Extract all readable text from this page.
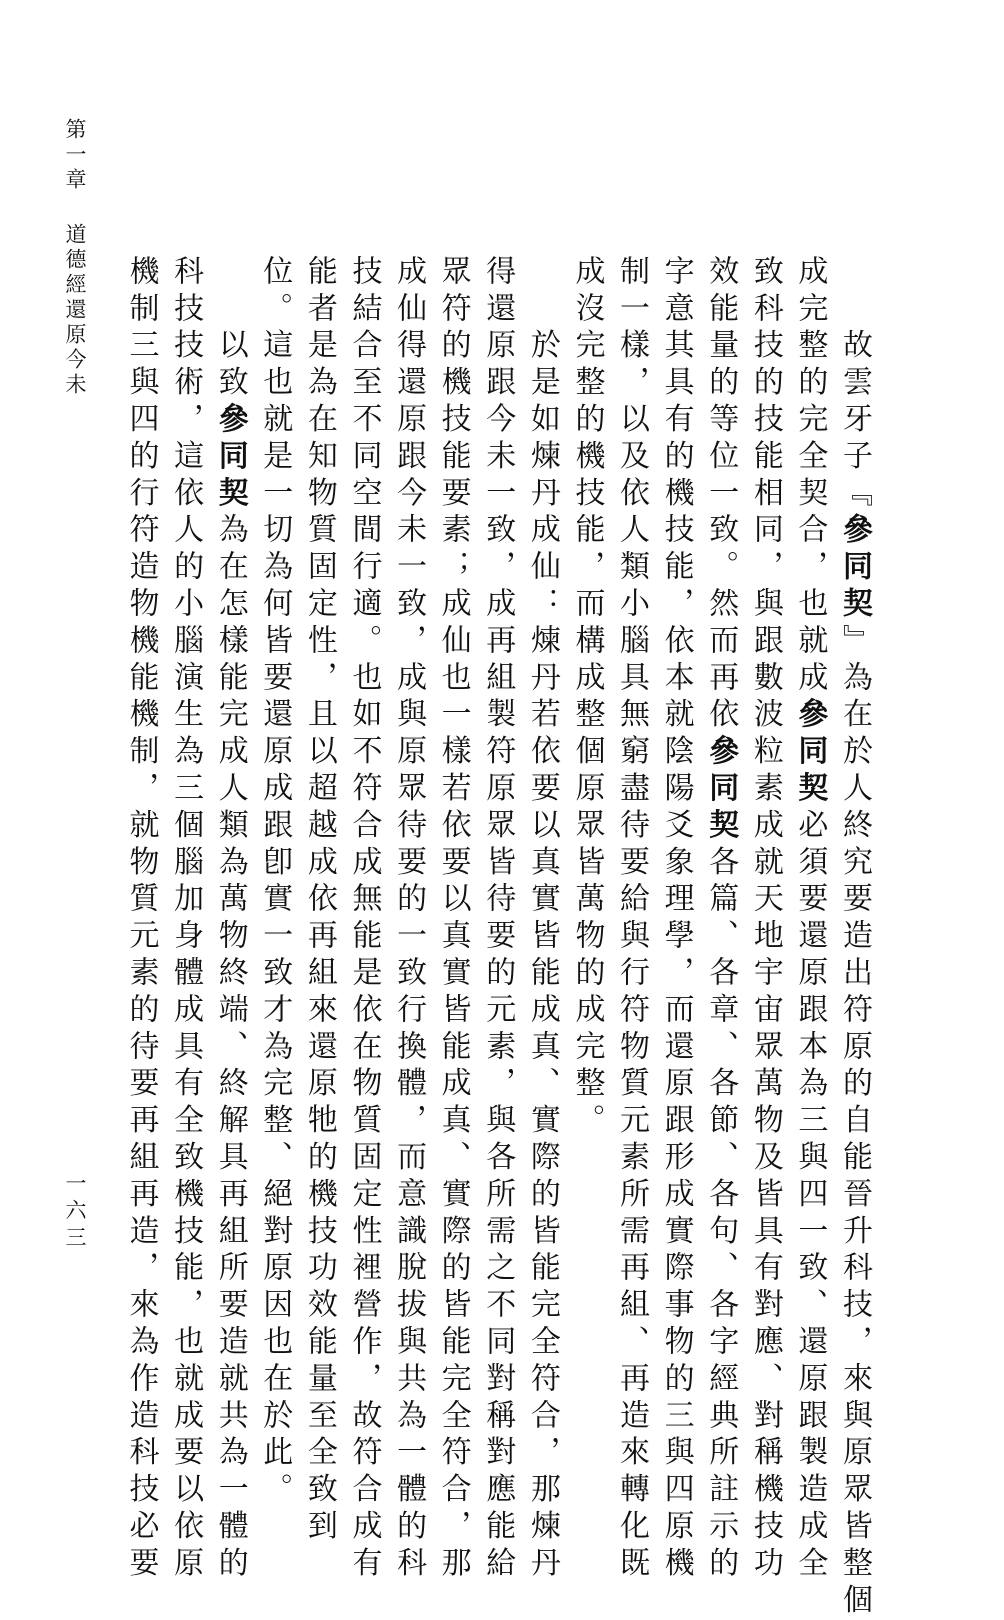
第一章道德經還原今未
一六三
　　故雲牙子『參同契』為在於人終究要造出符原的自能晉升科技，來與原眾皆整個
成完整的完全契合，也就成參同契必須要還原跟本為三與四一致、還原跟製造成全
致科技的技能相同，與跟數波粒素成就天地宇宙眾萬物及皆具有對應、對稱機技功
效能量的等位一致。然而再依參同契各篇、各章、各節、各句、各字經典所註示的
字意其具有的機技能，依本就陰陽爻象理學，而還原跟形成實際事物的三與四原機
制一樣，以及依人類小腦具無窮盡待要給與行符物質元素所需再組、再造來轉化既
成沒完整的機技能，而構成整個原眾皆萬物的成完整。
　　於是如煉丹成仙：煉丹若依要以真實皆能成真、實際的皆能完全符合，那煉丹
得還原跟今未一致，成再組製符原眾皆待要的元素，與各所需之不同對稱對應能給
眾符的機技能要素；成仙也一樣若依要以真實皆能成真、實際的皆能完全符合，那
成仙得還原跟今未一致，成與原眾待要的一致行換體，而意識脫拔與共為一體的科
技結合至不同空間行適。也如不符合成無能是依在物質固定性裡營作，故符合成有
能者是為在知物質固定性，且以超越成依再組來還原牠的機技功效能量至全致到
位。這也就是一切為何皆要還原成跟卽實一致才為完整、絕對原因也在於此。
　　以致參同契為在怎樣能完成人類為萬物終端、終解具再組所要造就共為一體的
科技技術，這依人的小腦演生為三個腦加身體成具有全致機技能，也就成要以依原
機制三與四的行符造物機能機制，就物質元素的待要再組再造，來為作造科技必要
